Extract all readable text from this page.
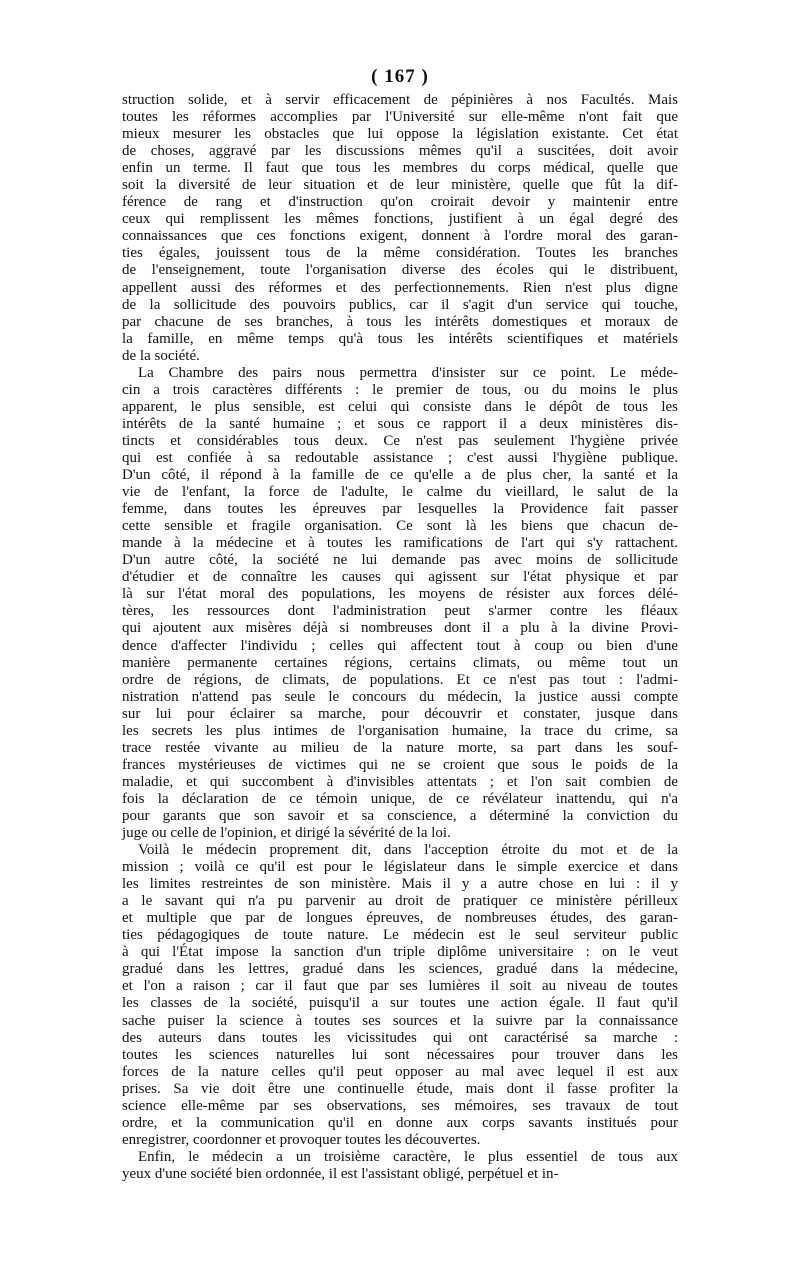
( 167 )
struction solide, et à servir efficacement de pépinières à nos Facultés. Mais
toutes les réformes accomplies par l'Université sur elle-même n'ont fait que
mieux mesurer les obstacles que lui oppose la législation existante. Cet état
de choses, aggravé par les discussions mêmes qu'il a suscitées, doit avoir
enfin un terme. Il faut que tous les membres du corps médical, quelle que
soit la diversité de leur situation et de leur ministère, quelle que fût la dif-
férence de rang et d'instruction qu'on croirait devoir y maintenir entre
ceux qui remplissent les mêmes fonctions, justifient à un égal degré des
connaissances que ces fonctions exigent, donnent à l'ordre moral des garan-
ties égales, jouissent tous de la même considération. Toutes les branches
de l'enseignement, toute l'organisation diverse des écoles qui le distribuent,
appellent aussi des réformes et des perfectionnements. Rien n'est plus digne
de la sollicitude des pouvoirs publics, car il s'agit d'un service qui touche,
par chacune de ses branches, à tous les intérêts domestiques et moraux de
la famille, en même temps qu'à tous les intérêts scientifiques et matériels
de la société.
La Chambre des pairs nous permettra d'insister sur ce point. Le méde-
cin a trois caractères différents : le premier de tous, ou du moins le plus
apparent, le plus sensible, est celui qui consiste dans le dépôt de tous les
intérêts de la santé humaine ; et sous ce rapport il a deux ministères dis-
tincts et considérables tous deux. Ce n'est pas seulement l'hygiène privée
qui est confiée à sa redoutable assistance ; c'est aussi l'hygiène publique.
D'un côté, il répond à la famille de ce qu'elle a de plus cher, la santé et la
vie de l'enfant, la force de l'adulte, le calme du vieillard, le salut de la
femme, dans toutes les épreuves par lesquelles la Providence fait passer
cette sensible et fragile organisation. Ce sont là les biens que chacun de-
mande à la médecine et à toutes les ramifications de l'art qui s'y rattachent.
D'un autre côté, la société ne lui demande pas avec moins de sollicitude
d'étudier et de connaître les causes qui agissent sur l'état physique et par
là sur l'état moral des populations, les moyens de résister aux forces délé-
tères, les ressources dont l'administration peut s'armer contre les fléaux
qui ajoutent aux misères déjà si nombreuses dont il a plu à la divine Provi-
dence d'affecter l'individu ; celles qui affectent tout à coup ou bien d'une
manière permanente certaines régions, certains climats, ou même tout un
ordre de régions, de climats, de populations. Et ce n'est pas tout : l'admi-
nistration n'attend pas seule le concours du médecin, la justice aussi compte
sur lui pour éclairer sa marche, pour découvrir et constater, jusque dans
les secrets les plus intimes de l'organisation humaine, la trace du crime, sa
trace restée vivante au milieu de la nature morte, sa part dans les souf-
frances mystérieuses de victimes qui ne se croient que sous le poids de la
maladie, et qui succombent à d'invisibles attentats ; et l'on sait combien de
fois la déclaration de ce témoin unique, de ce révélateur inattendu, qui n'a
pour garants que son savoir et sa conscience, a déterminé la conviction du
juge ou celle de l'opinion, et dirigé la sévérité de la loi.
Voilà le médecin proprement dit, dans l'acception étroite du mot et de la
mission ; voilà ce qu'il est pour le législateur dans le simple exercice et dans
les limites restreintes de son ministère. Mais il y a autre chose en lui : il y
a le savant qui n'a pu parvenir au droit de pratiquer ce ministère périlleux
et multiple que par de longues épreuves, de nombreuses études, des garan-
ties pédagogiques de toute nature. Le médecin est le seul serviteur public
à qui l'État impose la sanction d'un triple diplôme universitaire : on le veut
gradué dans les lettres, gradué dans les sciences, gradué dans la médecine,
et l'on a raison ; car il faut que par ses lumières il soit au niveau de toutes
les classes de la société, puisqu'il a sur toutes une action égale. Il faut qu'il
sache puiser la science à toutes ses sources et la suivre par la connaissance
des auteurs dans toutes les vicissitudes qui ont caractérisé sa marche :
toutes les sciences naturelles lui sont nécessaires pour trouver dans les
forces de la nature celles qu'il peut opposer au mal avec lequel il est aux
prises. Sa vie doit être une continuelle étude, mais dont il fasse profiter la
science elle-même par ses observations, ses mémoires, ses travaux de tout
ordre, et la communication qu'il en donne aux corps savants institués pour
enregistrer, coordonner et provoquer toutes les découvertes.
Enfin, le médecin a un troisième caractère, le plus essentiel de tous aux
yeux d'une société bien ordonnée, il est l'assistant obligé, perpétuel et in-
